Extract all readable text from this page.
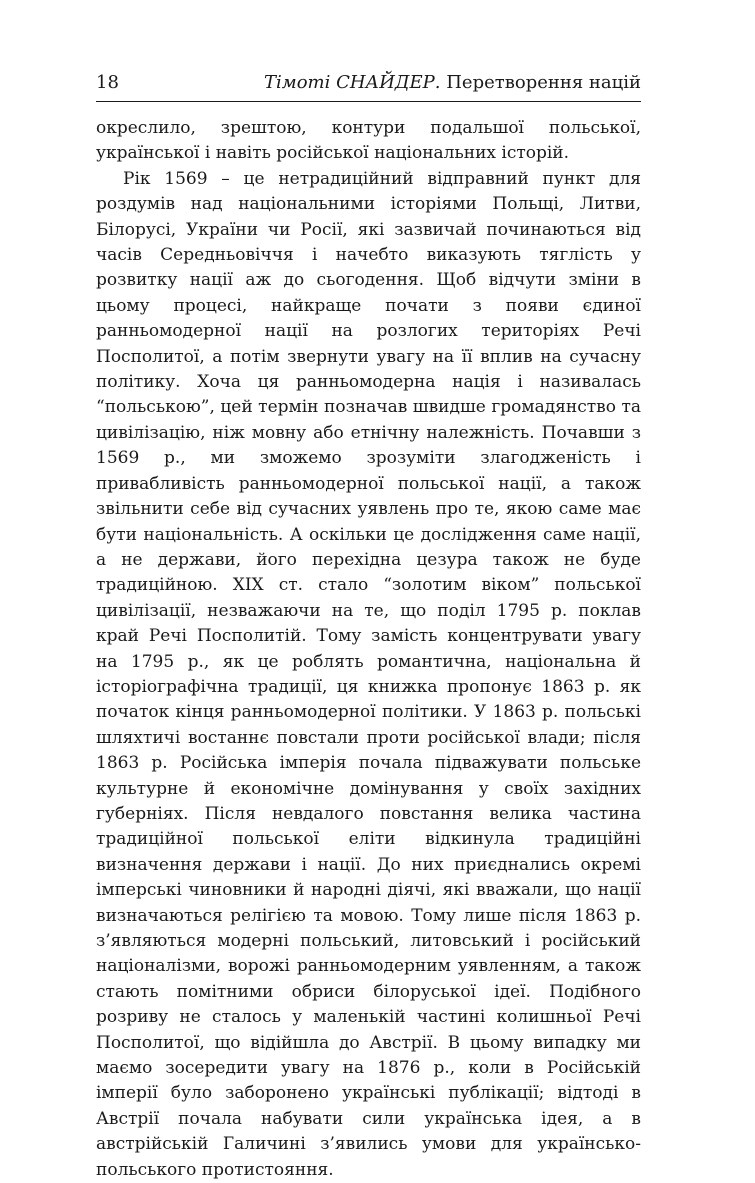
18	Тімоті СНАЙДЕР. Перетворення націй

окреслило, зрештою, контури подальшої польської, української і навіть російської національних історій.

Рік 1569 – це нетрадиційний відправний пункт для роздумів над національними історіями Польщі, Литви, Білорусі, України чи Росії, які зазвичай починаються від часів Середньовіччя і начебто виказують тяглість у розвитку нації аж до сьогодення. Щоб відчути зміни в цьому процесі, найкраще почати з появи єдиної ранньомодерної нації на розлогих територіях Речі Посполитої, а потім звернути увагу на її вплив на сучасну політику. Хоча ця ранньомодерна нація і називалась “польською”, цей термін позначав швидше громадянство та цивілізацію, ніж мовну або етнічну належність. Почавши з 1569 р., ми зможемо зрозуміти злагодженість і привабливість ранньомодерної польської нації, а також звільнити себе від сучасних уявлень про те, якою саме має бути національність. А оскільки це дослідження саме нації, а не держави, його перехідна цезура також не буде традиційною. XIX ст. стало “золотим віком” польської цивілізації, незважаючи на те, що поділ 1795 р. поклав край Речі Посполитій. Тому замість концентрувати увагу на 1795 р., як це роблять романтична, національна й історіографічна традиції, ця книжка пропонує 1863 р. як початок кінця ранньомодерної політики. У 1863 р. польські шляхтичі востаннє повстали проти російської влади; після 1863 р. Російська імперія почала підважувати польське культурне й економічне домінування у своїх західних губерніях. Після невдалого повстання велика частина традиційної польської еліти відкинула традиційні визначення держави і нації. До них приєднались окремі імперські чиновники й народні діячі, які вважали, що нації визначаються релігією та мовою. Тому лише після 1863 р. з’являються модерні польський, литовський і російський націоналізми, ворожі ранньомодерним уявленням, а також стають помітними обриси білоруської ідеї. Подібного розриву не сталось у маленькій частині колишньої Речі Посполитої, що відійшла до Австрії. В цьому випадку ми маємо зосередити увагу на 1876 р., коли в Російській імперії було заборонено українські публікації; відтоді в Австрії почала набувати сили українська ідея, а в австрійській Галичині з’явились умови для українсько-польського протистояння.
